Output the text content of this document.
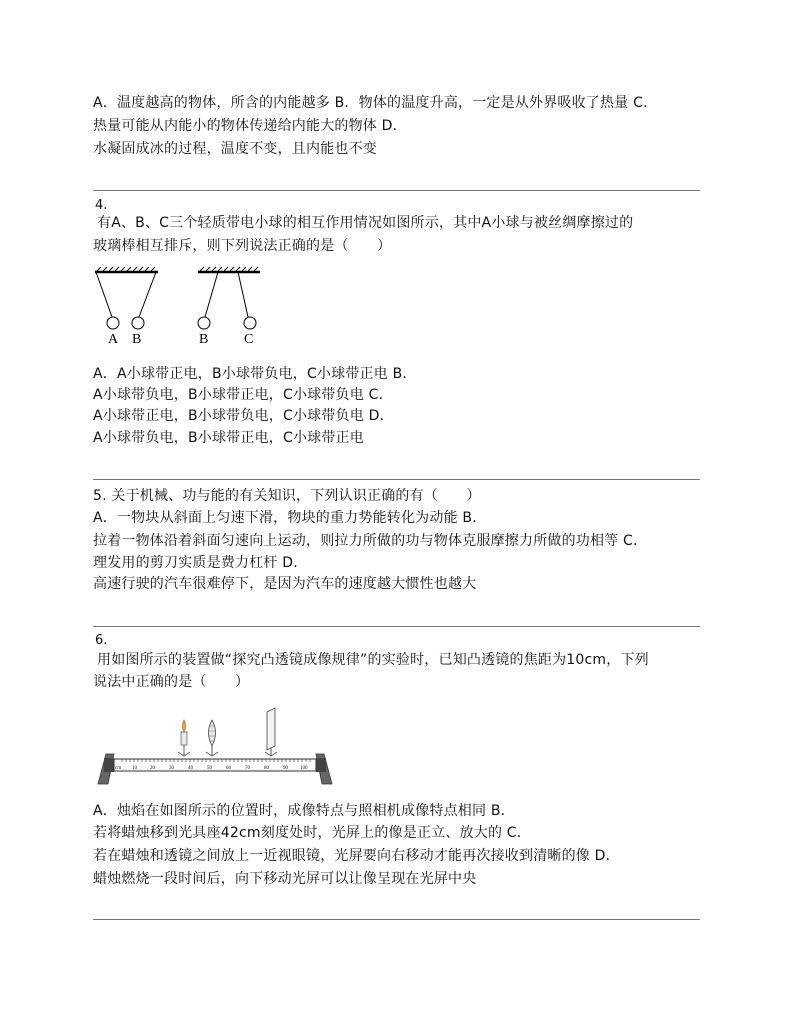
A．温度越高的物体，所含的内能越多 B．物体的温度升高，一定是从外界吸收了热量 C．
热量可能从内能小的物体传递给内能大的物体 D．
水凝固成冰的过程，温度不变，且内能也不变
4.
有A、B、C三个轻质带电小球的相互作用情况如图所示，其中A小球与被丝绸摩擦过的
玻璃棒相互排斥，则下列说法正确的是（　　）
A B	B	C
A．A小球带正电，B小球带负电，C小球带正电 B．
A小球带负电，B小球带正电，C小球带负电 C．
A小球带正电，B小球带负电，C小球带负电 D．
A小球带负电，B小球带正电，C小球带正电
5. 关于机械、功与能的有关知识，下列认识正确的有（　　）
A．一物块从斜面上匀速下滑，物块的重力势能转化为动能 B．
拉着一物体沿着斜面匀速向上运动，则拉力所做的功与物体克服摩擦力所做的功相等 C．
理发用的剪刀实质是费力杠杆 D．
高速行驶的汽车很难停下，是因为汽车的速度越大惯性也越大
6.
用如图所示的装置做“探究凸透镜成像规律”的实验时，已知凸透镜的焦距为10cm，下列
说法中正确的是（　　）
cm 10	20	30	40	50	60	70	80	90 100
A．烛焰在如图所示的位置时，成像特点与照相机成像特点相同 B．
若将蜡烛移到光具座42cm刻度处时，光屏上的像是正立、放大的 C．
若在蜡烛和透镜之间放上一近视眼镜，光屏要向右移动才能再次接收到清晰的像 D．
蜡烛燃烧一段时间后，向下移动光屏可以让像呈现在光屏中央
